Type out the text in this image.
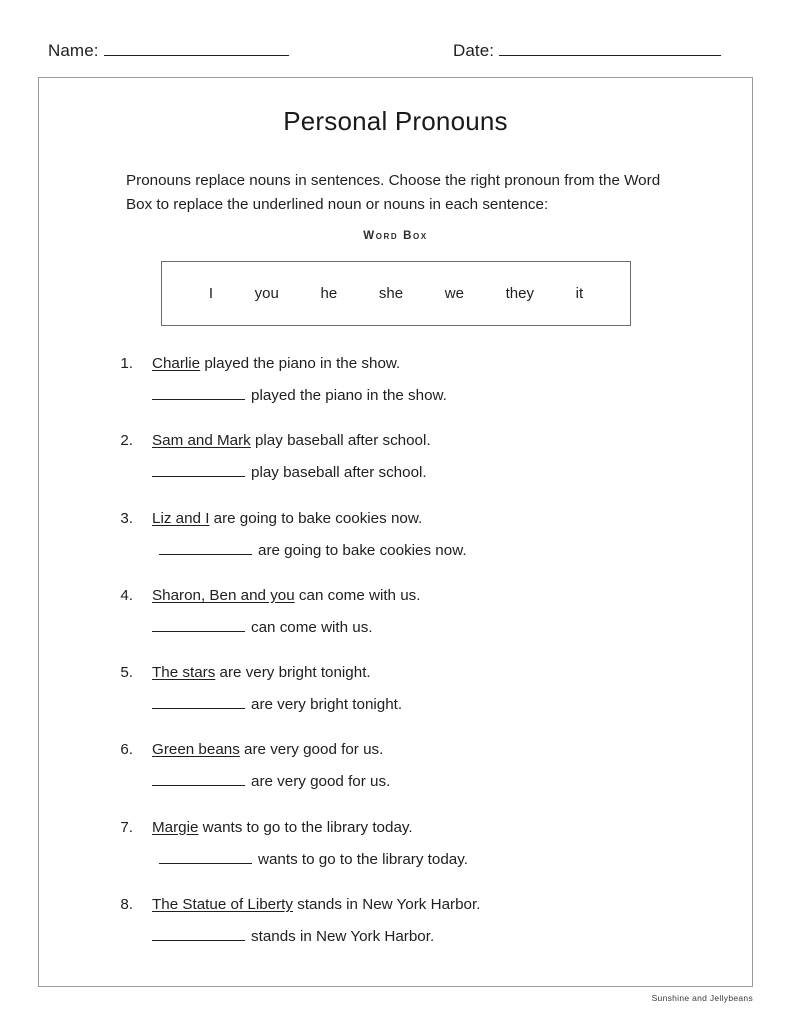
Name:	Date:
Personal Pronouns
Pronouns replace nouns in sentences. Choose the right pronoun from the Word Box to replace the underlined noun or nouns in each sentence:
Word Box
I	you	he	she	we	they	it
1. Charlie played the piano in the show.
played the piano in the show.
2. Sam and Mark play baseball after school.
play baseball after school.
3. Liz and I are going to bake cookies now.
are going to bake cookies now.
4. Sharon, Ben and you can come with us.
can come with us.
5. The stars are very bright tonight.
are very bright tonight.
6. Green beans are very good for us.
are very good for us.
7. Margie wants to go to the library today.
wants to go to the library today.
8. The Statue of Liberty stands in New York Harbor.
stands in New York Harbor.
Sunshine and Jellybeans
